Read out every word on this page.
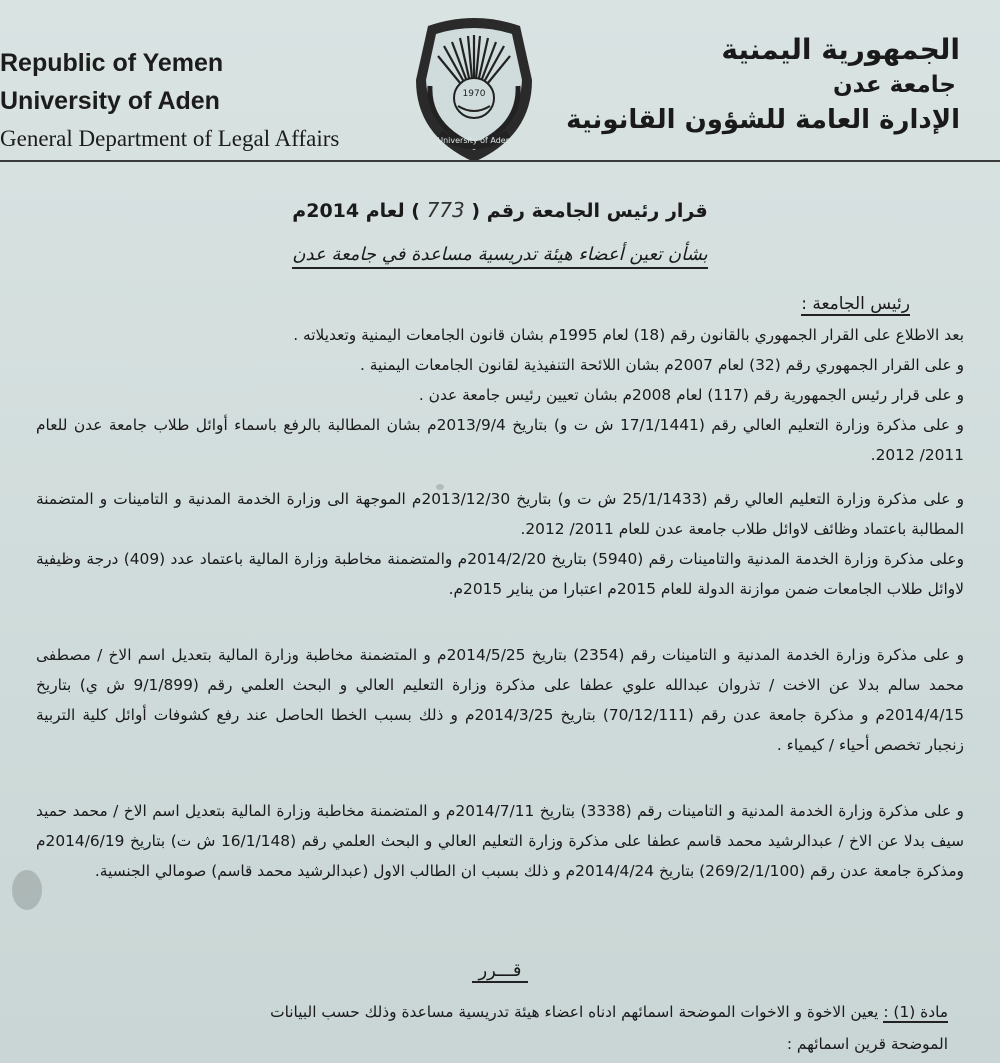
Republic of Yemen
University of Aden
General Department of Legal Affairs
1970
University of Aden
الجمهورية اليمنية
جامعة عدن
الإدارة العامة للشؤون القانونية
قرار رئيس الجامعة رقم ( 773 ) لعام 2014م
بشأن تعين أعضاء هيئة تدريسية مساعدة في جامعة عدن
رئيس الجامعة :

بعد الاطلاع على القرار الجمهوري بالقانون رقم (18) لعام 1995م بشان قانون الجامعات اليمنية وتعديلاته .

و على القرار الجمهوري رقم (32) لعام 2007م بشان اللائحة التنفيذية لقانون الجامعات اليمنية .

و على قرار رئيس الجمهورية رقم (117) لعام 2008م بشان تعيين رئيس جامعة عدن .

و على مذكرة وزارة التعليم العالي رقم (17/1/1441 ش ت و) بتاريخ 2013/9/4م بشان المطالبة بالرفع باسماء أوائل طلاب جامعة عدن للعام 2011/ 2012.

و على مذكرة وزارة التعليم العالي رقم (25/1/1433 ش ت و) بتاريخ 2013/12/30م الموجهة الى وزارة الخدمة المدنية و التامينات و المتضمنة المطالبة باعتماد وظائف لاوائل طلاب جامعة عدن للعام 2011/ 2012.

وعلى مذكرة وزارة الخدمة المدنية والتامينات رقم (5940) بتاريخ 2014/2/20م والمتضمنة مخاطبة وزارة المالية باعتماد عدد (409) درجة وظيفية لاوائل طلاب الجامعات ضمن موازنة الدولة للعام 2015م اعتبارا من يناير 2015م.

و على مذكرة وزارة الخدمة المدنية و التامينات رقم (2354) بتاريخ 2014/5/25م و المتضمنة مخاطبة وزارة المالية بتعديل اسم الاخ / مصطفى محمد سالم بدلا عن الاخت / تذروان عبدالله علوي عطفا على مذكرة وزارة التعليم العالي و البحث العلمي رقم (9/1/899 ش ي) بتاريخ 2014/4/15م و مذكرة جامعة عدن رقم (70/12/111) بتاريخ 2014/3/25م و ذلك بسبب الخطا الحاصل عند رفع كشوفات أوائل كلية التربية زنجبار تخصص أحياء / كيمياء .

و على مذكرة وزارة الخدمة المدنية و التامينات رقم (3338) بتاريخ 2014/7/11م و المتضمنة مخاطبة وزارة المالية بتعديل اسم الاخ / محمد حميد سيف بدلا عن الاخ / عبدالرشيد محمد قاسم عطفا على مذكرة وزارة التعليم العالي و البحث العلمي رقم (16/1/148 ش ت) بتاريخ 2014/6/19م ومذكرة جامعة عدن رقم (269/2/1/100) بتاريخ 2014/4/24م و ذلك بسبب ان الطالب الاول (عبدالرشيد محمد قاسم) صومالي الجنسية.

قـــرر

مادة (1) : يعين الاخوة و الاخوات الموضحة اسمائهم ادناه اعضاء هيئة تدريسية مساعدة وذلك حسب البيانات

الموضحة قرين اسمائهم :
